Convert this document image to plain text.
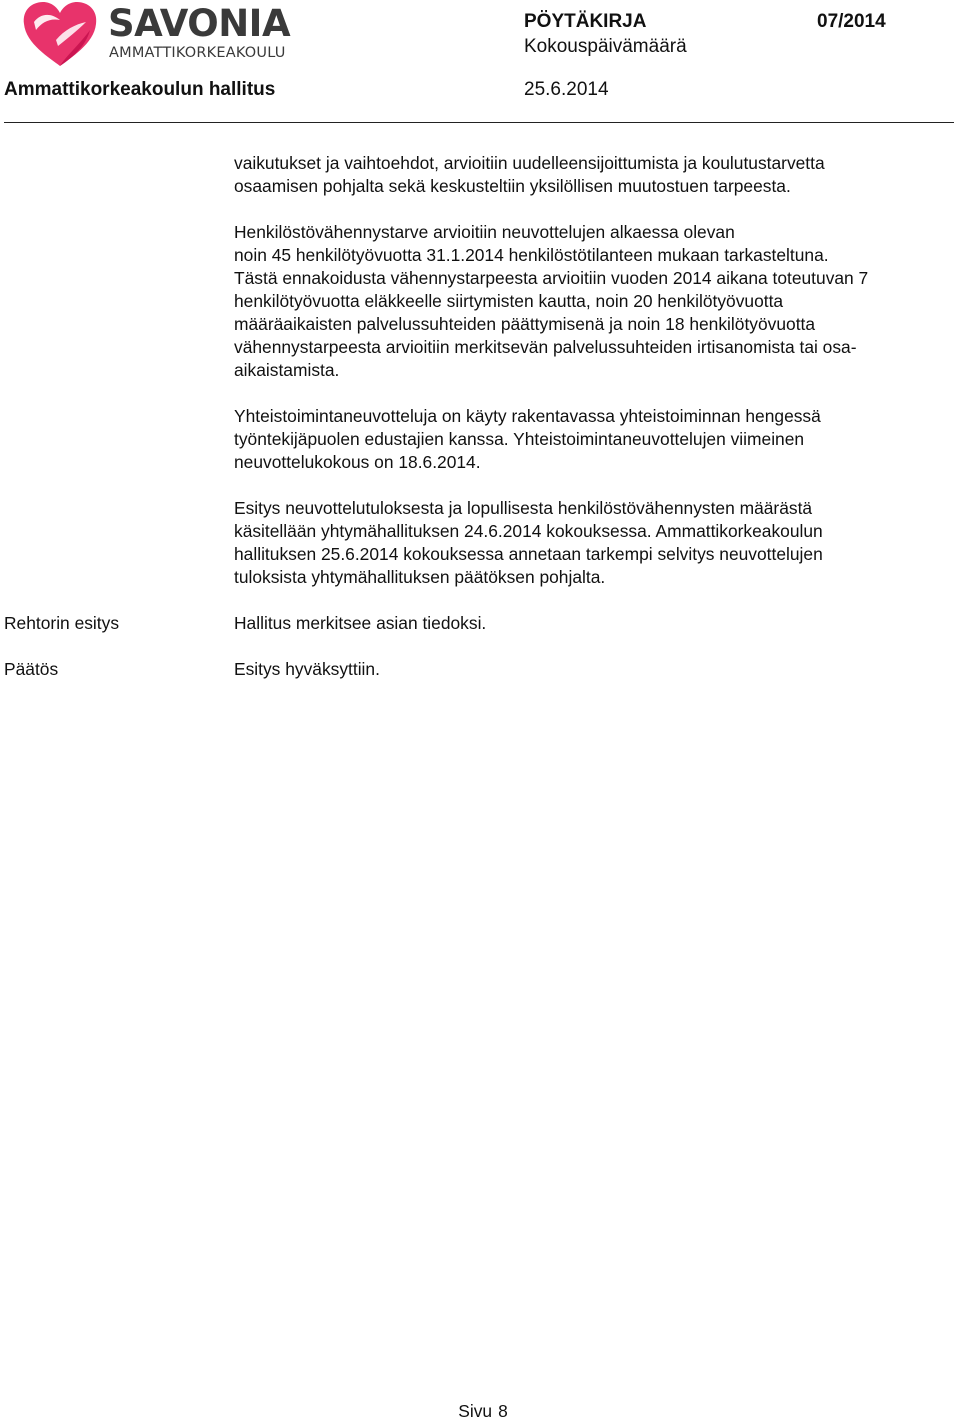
SAVONIA
AMMATTIKORKEAKOULU
PÖYTÄKIRJA	07/2014
Kokouspäivämäärä
Ammattikorkeakoulun hallitus	25.6.2014

vaikutukset ja vaihtoehdot, arvioitiin uudelleensijoittumista ja koulutustarvetta
osaamisen pohjalta sekä keskusteltiin yksilöllisen muutostuen tarpeesta.

Henkilöstövähennystarve arvioitiin neuvottelujen alkaessa olevan
noin 45 henkilötyövuotta 31.1.2014 henkilöstötilanteen mukaan tarkasteltuna.
Tästä ennakoidusta vähennystarpeesta arvioitiin vuoden 2014 aikana toteutuvan 7
henkilötyövuotta eläkkeelle siirtymisten kautta, noin 20 henkilötyövuotta
määräaikaisten palvelussuhteiden päättymisenä ja noin 18 henkilötyövuotta
vähennystarpeesta arvioitiin merkitsevän palvelussuhteiden irtisanomista tai osa-
aikaistamista.

Yhteistoimintaneuvotteluja on käyty rakentavassa yhteistoiminnan hengessä
työntekijäpuolen edustajien kanssa. Yhteistoimintaneuvottelujen viimeinen
neuvottelukokous on 18.6.2014.

Esitys neuvottelutuloksesta ja lopullisesta henkilöstövähennysten määrästä
käsitellään yhtymähallituksen 24.6.2014 kokouksessa. Ammattikorkeakoulun
hallituksen 25.6.2014 kokouksessa annetaan tarkempi selvitys neuvottelujen
tuloksista yhtymähallituksen päätöksen pohjalta.

Rehtorin esitys	Hallitus merkitsee asian tiedoksi.
Päätös	Esitys hyväksyttiin.
Sivu 8
